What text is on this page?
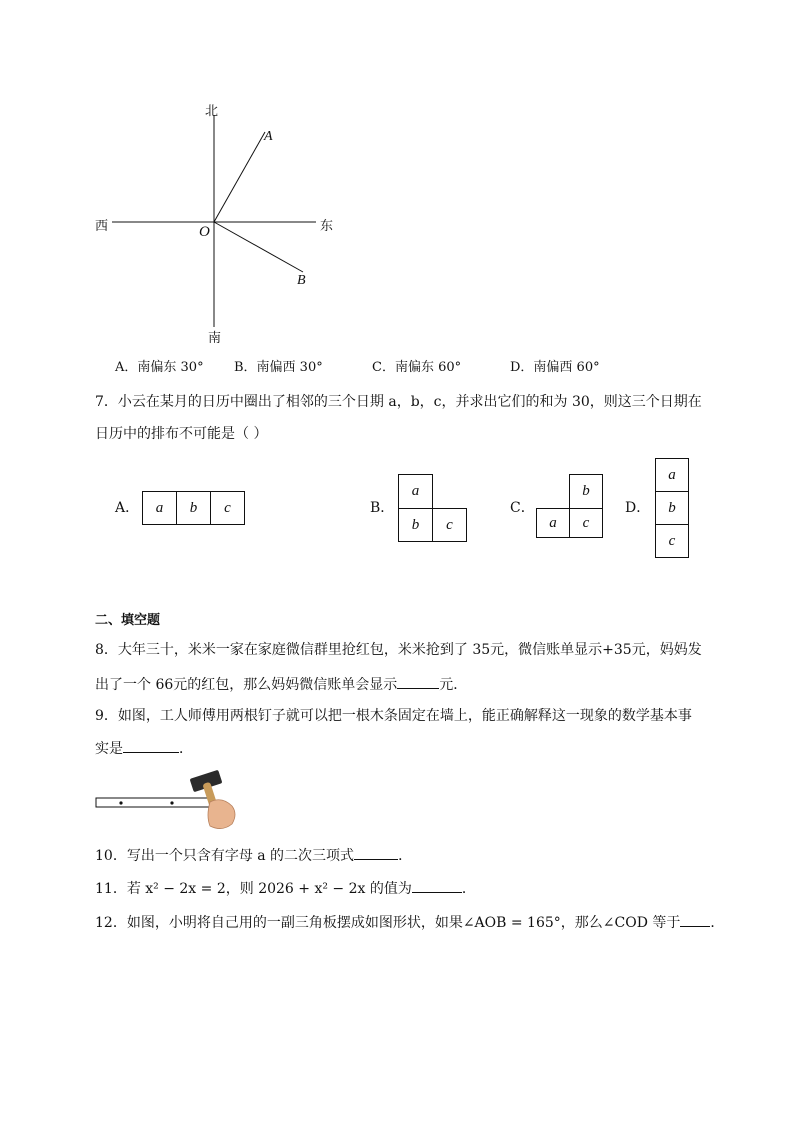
北
南
西	东
O
A
B
A．南偏东 30° B．南偏西 30°	C．南偏东 60°	D．南偏西 60°
7．小云在某月的日历中圈出了相邻的三个日期 a，b，c，并求出它们的和为 30，则这三个日期在
日历中的排布不可能是（ ）
A．	a	b	c	B．
a
b	c
C．
b
a	c
D．
a
b
c
二、填空题
8．大年三十，米米一家在家庭微信群里抢红包，米米抢到了 35元，微信账单显示+35元，妈妈发
出了一个 66元的红包，那么妈妈微信账单会显示	元．
9．如图，工人师傅用两根钉子就可以把一根木条固定在墙上，能正确解释这一现象的数学基本事
实是	．
10．写出一个只含有字母 a 的二次三项式	．
11．若 x² − 2x = 2，则 2026 + x² − 2x 的值为	．
12．如图，小明将自己用的一副三角板摆成如图形状，如果∠AOB = 165°，那么∠COD 等于 ．
